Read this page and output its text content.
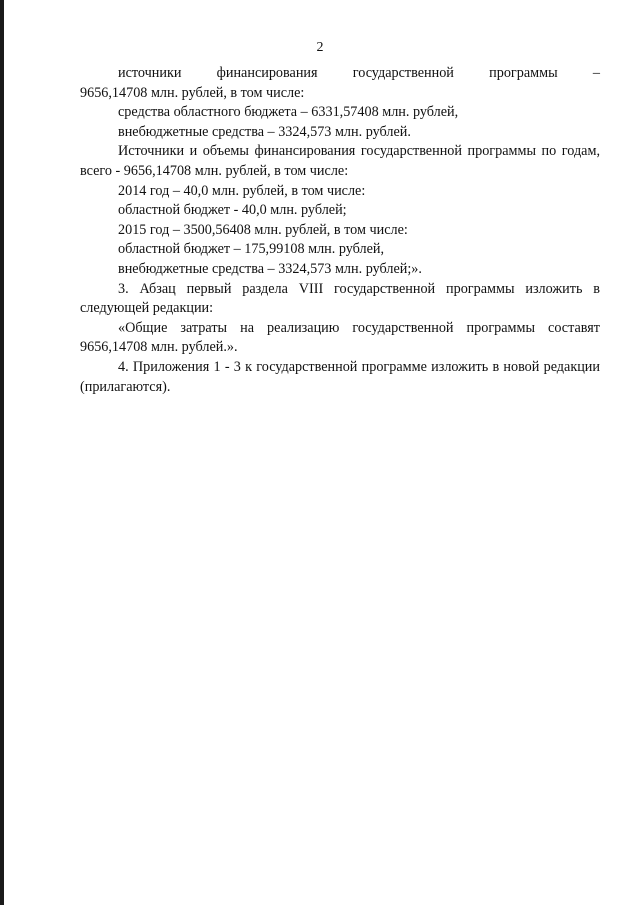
2
источники финансирования государственной программы –
9656,14708 млн. рублей, в том числе:
средства областного бюджета – 6331,57408 млн. рублей,
внебюджетные средства – 3324,573 млн. рублей.

Источники и объемы финансирования государственной программы по годам, всего - 9656,14708 млн. рублей, в том числе:

2014 год – 40,0 млн. рублей, в том числе:
областной бюджет - 40,0 млн. рублей;
2015 год – 3500,56408 млн. рублей, в том числе:
областной бюджет – 175,99108 млн. рублей,
внебюджетные средства – 3324,573 млн. рублей;».

3. Абзац первый раздела VIII государственной программы изложить в следующей редакции:

«Общие затраты на реализацию государственной программы составят 9656,14708 млн. рублей.».

4. Приложения 1 - 3 к государственной программе изложить в новой редакции (прилагаются).
